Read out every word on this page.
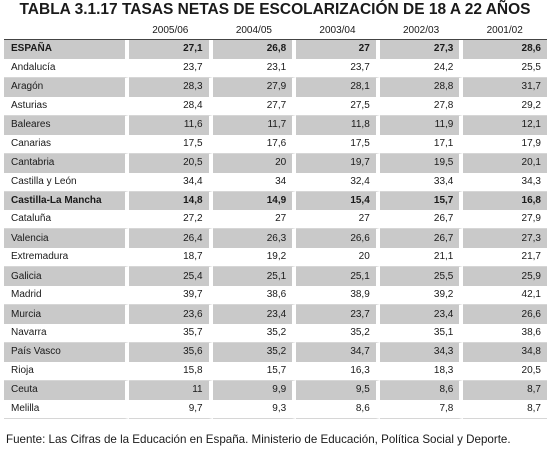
TABLA 3.1.17 TASAS NETAS DE ESCOLARIZACIÓN DE 18 A 22 AÑOS
	2005/06	2004/05	2003/04	2002/03	2001/02
ESPAÑA	27,1	26,8	27	27,3	28,6
Andalucía	23,7	23,1	23,7	24,2	25,5
Aragón	28,3	27,9	28,1	28,8	31,7
Asturias	28,4	27,7	27,5	27,8	29,2
Baleares	11,6	11,7	11,8	11,9	12,1
Canarias	17,5	17,6	17,5	17,1	17,9
Cantabria	20,5	20	19,7	19,5	20,1
Castilla y León	34,4	34	32,4	33,4	34,3
Castilla-La Mancha	14,8	14,9	15,4	15,7	16,8
Cataluña	27,2	27	27	26,7	27,9
Valencia	26,4	26,3	26,6	26,7	27,3
Extremadura	18,7	19,2	20	21,1	21,7
Galicia	25,4	25,1	25,1	25,5	25,9
Madrid	39,7	38,6	38,9	39,2	42,1
Murcia	23,6	23,4	23,7	23,4	26,6
Navarra	35,7	35,2	35,2	35,1	38,6
País Vasco	35,6	35,2	34,7	34,3	34,8
Rioja	15,8	15,7	16,3	18,3	20,5
Ceuta	11	9,9	9,5	8,6	8,7
Melilla	9,7	9,3	8,6	7,8	8,7
Fuente: Las Cifras de la Educación en España. Ministerio de Educación, Política Social y Deporte.
